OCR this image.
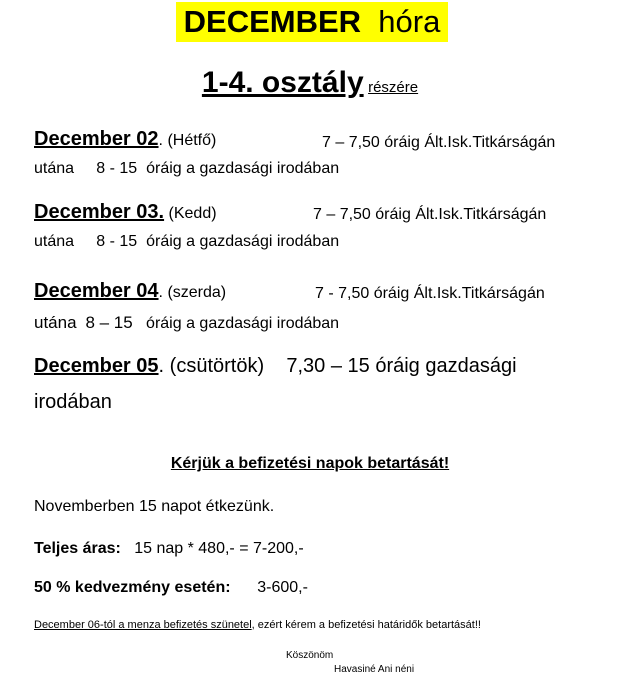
DECEMBER hóra
1-4. osztály részére
December 02. (Hétfő)	7 – 7,50 óráig Ált.Isk.Titkárságán
utána 8 - 15 óráig a gazdasági irodában
December 03. (Kedd)	7 – 7,50 óráig Ált.Isk.Titkárságán
utána 8 - 15 óráig a gazdasági irodában
December 04. (szerda)	7 - 7,50 óráig Ált.Isk.Titkárságán
utána 8 – 15 óráig a gazdasági irodában
December 05. (csütörtök) 7,30 – 15 óráig gazdasági
irodában
Kérjük a befizetési napok betartását!
Novemberben 15 napot étkezünk.
Teljes áras: 15 nap * 480,- = 7-200,-
50 % kedvezmény esetén: 3-600,-
December 06-tól a menza befizetés szünetel, ezért kérem a befizetési határidők betartását!!
Köszönöm
Havasiné Ani néni
